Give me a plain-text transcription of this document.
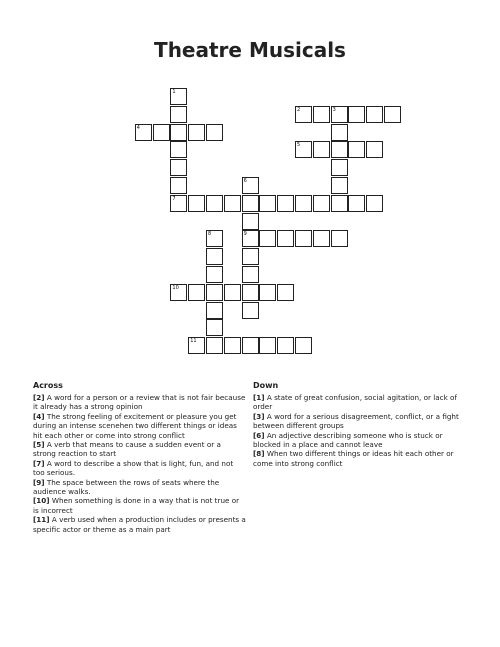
Theatre Musicals
1
7
2	3
4
5
6
9
8
10
11
Across
[2] A word for a person or a review that is not fair because it already has a strong opinion
[4] The strong feeling of excitement or pleasure you get during an intense scenehen two different things or ideas hit each other or come into strong conflict
[5] A verb that means to cause a sudden event or a strong reaction to start
[7] A word to describe a show that is light, fun, and not too serious.
[9] The space between the rows of seats where the audience walks.
[10] When something is done in a way that is not true or is incorrect
[11] A verb used when a production includes or presents a specific actor or theme as a main part
Down
[1] A state of great confusion, social agitation, or lack of order
[3] A word for a serious disagreement, conflict, or a fight between different groups
[6] An adjective describing someone who is stuck or blocked in a place and cannot leave
[8] When two different things or ideas hit each other or come into strong conflict
